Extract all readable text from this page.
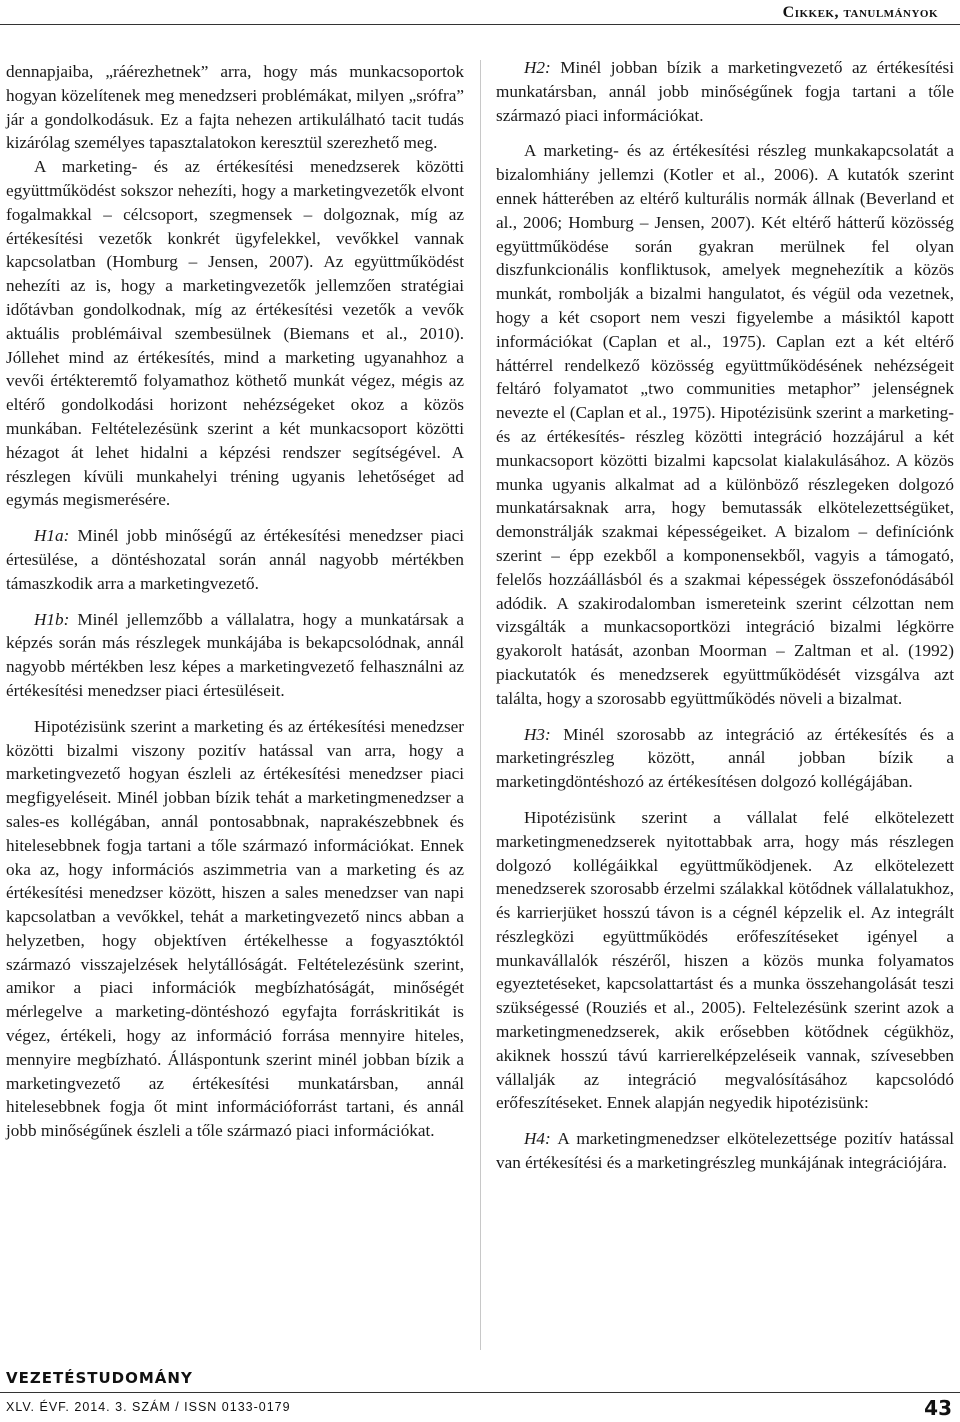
Cikkek, tanulmányok

dennapjaiba, „ráérezhetnek” arra, hogy más munkacsoportok hogyan közelítenek meg menedzseri problémákat, milyen „srófra” jár a gondolkodásuk. Ez a fajta nehezen artikulálható tacit tudás kizárólag személyes tapasztalatokon keresztül szerezhető meg.

A marketing- és az értékesítési menedzserek közötti együttműködést sokszor nehezíti, hogy a marketingvezetők elvont fogalmakkal – célcsoport, szegmensek – dolgoznak, míg az értékesítési vezetők konkrét ügyfelekkel, vevőkkel vannak kapcsolatban (Homburg – Jensen, 2007). Az együttműködést nehezíti az is, hogy a marketingvezetők jellemzően stratégiai időtávban gondolkodnak, míg az értékesítési vezetők a vevők aktuális problémáival szembesülnek (Biemans et al., 2010). Jóllehet mind az értékesítés, mind a marketing ugyanahhoz a vevői értékteremtő folyamathoz köthető munkát végez, mégis az eltérő gondolkodási horizont nehézségeket okoz a közös munkában. Feltételezésünk szerint a két munkacsoport közötti hézagot át lehet hidalni a képzési rendszer segítségével. A részlegen kívüli munkahelyi tréning ugyanis lehetőséget ad egymás megismerésére.

H1a: Minél jobb minőségű az értékesítési menedzser piaci értesülése, a döntéshozatal során annál nagyobb mértékben támaszkodik arra a marketingvezető.

H1b: Minél jellemzőbb a vállalatra, hogy a munkatársak a képzés során más részlegek munkájába is bekapcsolódnak, annál nagyobb mértékben lesz képes a marketingvezető felhasználni az értékesítési menedzser piaci értesüléseit.

Hipotézisünk szerint a marketing és az értékesítési menedzser közötti bizalmi viszony pozitív hatással van arra, hogy a marketingvezető hogyan észleli az értékesítési menedzser piaci megfigyeléseit. Minél jobban bízik tehát a marketingmenedzser a sales-es kollégában, annál pontosabbnak, naprakészebbnek és hitelesebbnek fogja tartani a tőle származó információkat. Ennek oka az, hogy információs aszimmetria van a marketing és az értékesítési menedzser között, hiszen a sales menedzser van napi kapcsolatban a vevőkkel, tehát a marketingvezető nincs abban a helyzetben, hogy objektíven értékelhesse a fogyasztóktól származó visszajelzések helytállóságát. Feltételezésünk szerint, amikor a piaci információk megbízhatóságát, minőségét mérlegelve a marketing-döntéshozó egyfajta forráskritikát is végez, értékeli, hogy az információ forrása mennyire hiteles, mennyire megbízható. Álláspontunk szerint minél jobban bízik a marketingvezető az értékesítési munkatársban, annál hitelesebbnek fogja őt mint információforrást tartani, és annál jobb minőségűnek észleli a tőle származó piaci információkat.

H2: Minél jobban bízik a marketingvezető az értékesítési munkatársban, annál jobb minőségűnek fogja tartani a tőle származó piaci információkat.

A marketing- és az értékesítési részleg munkakapcsolatát a bizalomhiány jellemzi (Kotler et al., 2006). A kutatók szerint ennek hátterében az eltérő kulturális normák állnak (Beverland et al., 2006; Homburg – Jensen, 2007). Két eltérő hátterű közösség együttműködése során gyakran merülnek fel olyan diszfunkcionális konfliktusok, amelyek megnehezítik a közös munkát, rombolják a bizalmi hangulatot, és végül oda vezetnek, hogy a két csoport nem veszi figyelembe a másiktól kapott információkat (Caplan et al., 1975). Caplan ezt a két eltérő háttérrel rendelkező közösség együttműködésének nehézségeit feltáró folyamatot „two communities metaphor” jelenségnek nevezte el (Caplan et al., 1975). Hipotézisünk szerint a marketing- és az értékesítés- részleg közötti integráció hozzájárul a két munkacsoport közötti bizalmi kapcsolat kialakulásához. A közös munka ugyanis alkalmat ad a különböző részlegeken dolgozó munkatársaknak arra, hogy bemutassák elkötelezettségüket, demonstrálják szakmai képességeiket. A bizalom – definíciónk szerint – épp ezekből a komponensekből, vagyis a támogató, felelős hozzáállásból és a szakmai képességek összefonódásából adódik. A szakirodalomban ismereteink szerint célzottan nem vizsgálták a munkacsoportközi integráció bizalmi légkörre gyakorolt hatását, azonban Moorman – Zaltman et al. (1992) piackutatók és menedzserek együttműködését vizsgálva azt találta, hogy a szorosabb együttműködés növeli a bizalmat.

H3: Minél szorosabb az integráció az értékesítés és a marketingrészleg között, annál jobban bízik a marketingdöntéshozó az értékesítésen dolgozó kollégájában.

Hipotézisünk szerint a vállalat felé elkötelezett marketingmenedzserek nyitottabbak arra, hogy más részlegen dolgozó kollégáikkal együttműködjenek. Az elkötelezett menedzserek szorosabb érzelmi szálakkal kötődnek vállalatukhoz, és karrierjüket hosszú távon is a cégnél képzelik el. Az integrált részlegközi együttműködés erőfeszítéseket igényel a munkavállalók részéről, hiszen a közös munka folyamatos egyeztetéseket, kapcsolattartást és a munka összehangolását teszi szükségessé (Rouziés et al., 2005). Feltelezésünk szerint azok a marketingmenedzserek, akik erősebben kötődnek cégükhöz, akiknek hosszú távú karrierelképzeléseik vannak, szívesebben vállalják az integráció megvalósításához kapcsolódó erőfeszítéseket. Ennek alapján negyedik hipotézisünk:

H4: A marketingmenedzser elkötelezettsége pozitív hatással van értékesítési és a marketingrészleg munkájának integrációjára.

VEZETÉSTUDOMÁNY
XLV. ÉVF. 2014. 3. SZÁM / ISSN 0133-0179	43
